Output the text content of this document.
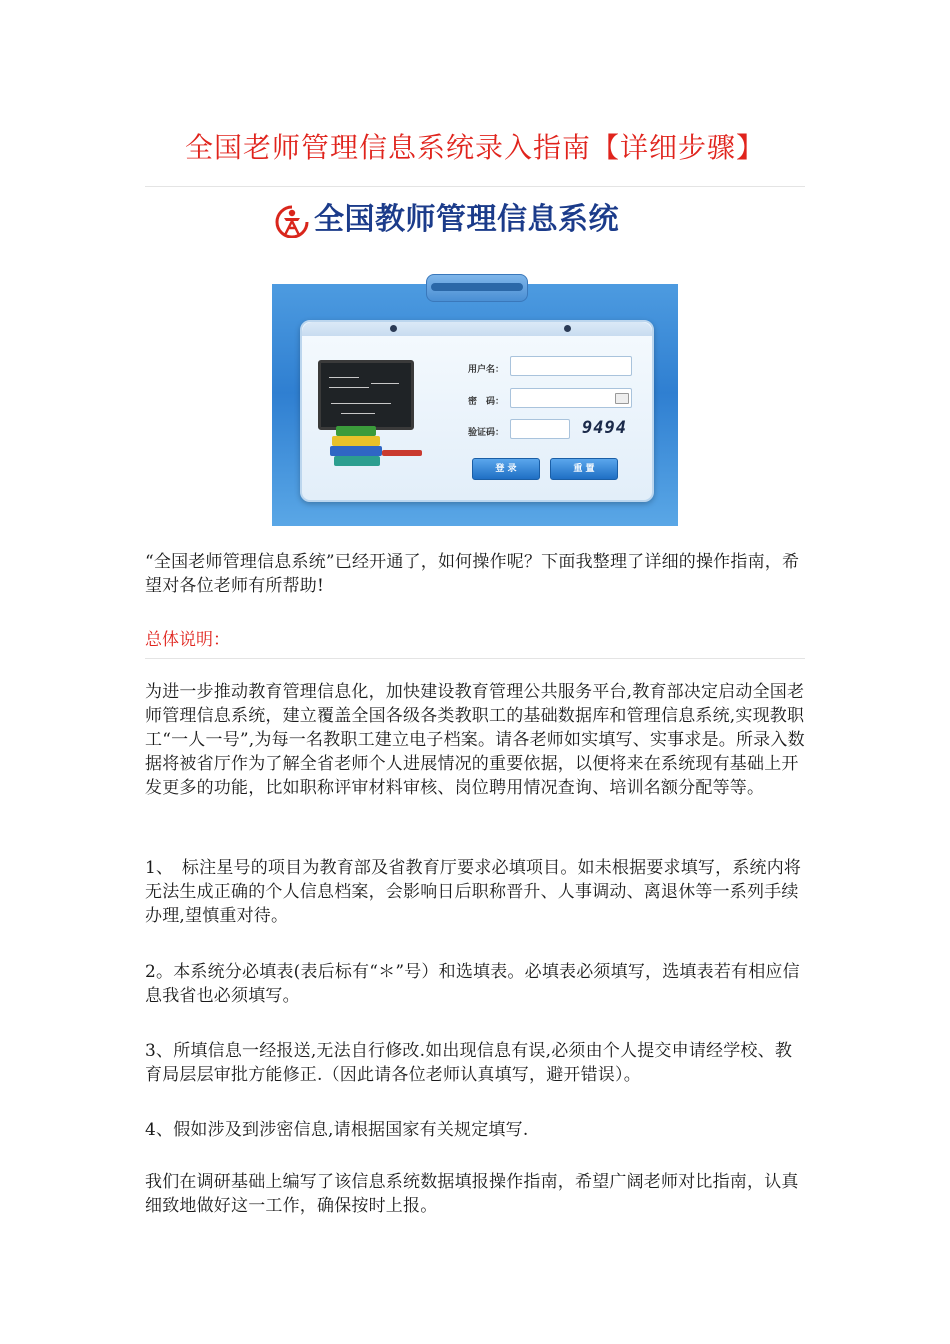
全国老师管理信息系统录入指南【详细步骤】
全国教师管理信息系统
用户名：
密　码：
验证码：	9494
登 录	重 置

“全国老师管理信息系统”已经开通了，如何操作呢？下面我整理了详细的操作指南，希望对各位老师有所帮助!

总体说明：

为进一步推动教育管理信息化，加快建设教育管理公共服务平台,教育部决定启动全国老师管理信息系统，建立覆盖全国各级各类教职工的基础数据库和管理信息系统,实现教职工“一人一号”,为每一名教职工建立电子档案。请各老师如实填写、实事求是。所录入数据将被省厅作为了解全省老师个人进展情况的重要依据，以便将来在系统现有基础上开发更多的功能，比如职称评审材料审核、岗位聘用情况查询、培训名额分配等等。

1、　标注星号的项目为教育部及省教育厅要求必填项目。如未根据要求填写，系统内将无法生成正确的个人信息档案，会影响日后职称晋升、人事调动、离退休等一系列手续办理,望慎重对待。

2。本系统分必填表(表后标有“＊”号）和选填表。必填表必须填写，选填表若有相应信息我省也必须填写。

3、所填信息一经报送,无法自行修改.如出现信息有误,必须由个人提交申请经学校、教育局层层审批方能修正.（因此请各位老师认真填写，避开错误）。

4、假如涉及到涉密信息,请根据国家有关规定填写.

我们在调研基础上编写了该信息系统数据填报操作指南，希望广阔老师对比指南，认真细致地做好这一工作，确保按时上报。
